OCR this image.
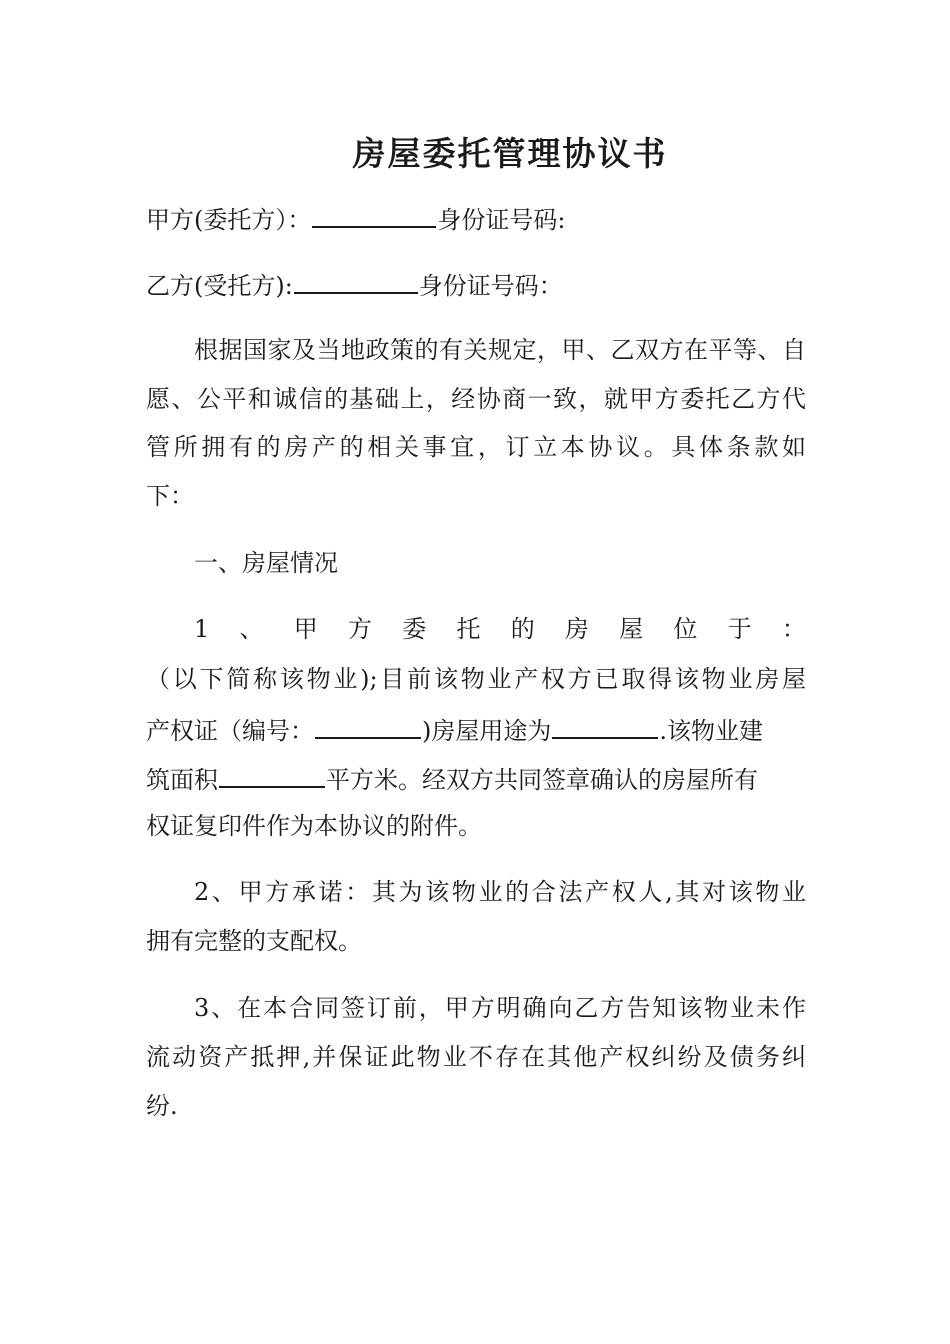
房屋委托管理协议书
甲方(委托方）：	身份证号码:
乙方(受托方):	身份证号码：
根据国家及当地政策的有关规定，甲、乙双方在平等、自
愿、公平和诚信的基础上，经协商一致，就甲方委托乙方代
管所拥有的房产的相关事宜，订立本协议。具体条款如
下：
一、房屋情况
1 、 甲 方 委 托 的 房 屋 位 于 ：
（以下简称该物业);目前该物业产权方已取得该物业房屋
产权证（编号：	)房屋用途为	.该物业建
筑面积	平方米。经双方共同签章确认的房屋所有
权证复印件作为本协议的附件。
2、甲方承诺：其为该物业的合法产权人,其对该物业
拥有完整的支配权。
3、在本合同签订前，甲方明确向乙方告知该物业未作
流动资产抵押,并保证此物业不存在其他产权纠纷及债务纠
纷.
